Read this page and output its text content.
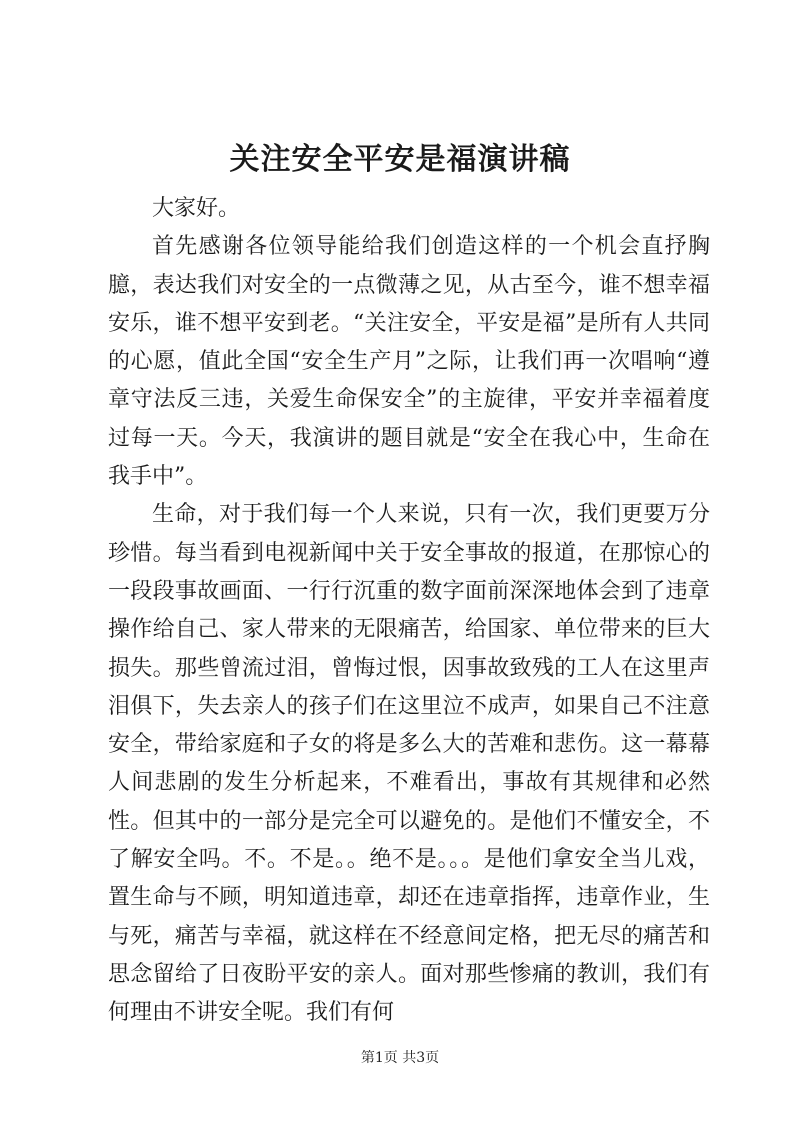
关注安全平安是福演讲稿

大家好。

首先感谢各位领导能给我们创造这样的一个机会直抒胸臆，表达我们对安全的一点微薄之见，从古至今，谁不想幸福安乐，谁不想平安到老。“关注安全，平安是福”是所有人共同的心愿，值此全国“安全生产月”之际，让我们再一次唱响“遵章守法反三违，关爱生命保安全”的主旋律，平安并幸福着度过每一天。今天，我演讲的题目就是“安全在我心中，生命在我手中”。

生命，对于我们每一个人来说，只有一次，我们更要万分珍惜。每当看到电视新闻中关于安全事故的报道，在那惊心的一段段事故画面、一行行沉重的数字面前深深地体会到了违章操作给自己、家人带来的无限痛苦，给国家、单位带来的巨大损失。那些曾流过泪，曾悔过恨，因事故致残的工人在这里声泪俱下，失去亲人的孩子们在这里泣不成声，如果自己不注意安全，带给家庭和子女的将是多么大的苦难和悲伤。这一幕幕人间悲剧的发生分析起来，不难看出，事故有其规律和必然性。但其中的一部分是完全可以避免的。是他们不懂安全，不了解安全吗。不。不是。。绝不是。。。是他们拿安全当儿戏，置生命与不顾，明知道违章，却还在违章指挥，违章作业，生与死，痛苦与幸福，就这样在不经意间定格，把无尽的痛苦和思念留给了日夜盼平安的亲人。面对那些惨痛的教训，我们有何理由不讲安全呢。我们有何

第1页 共3页
